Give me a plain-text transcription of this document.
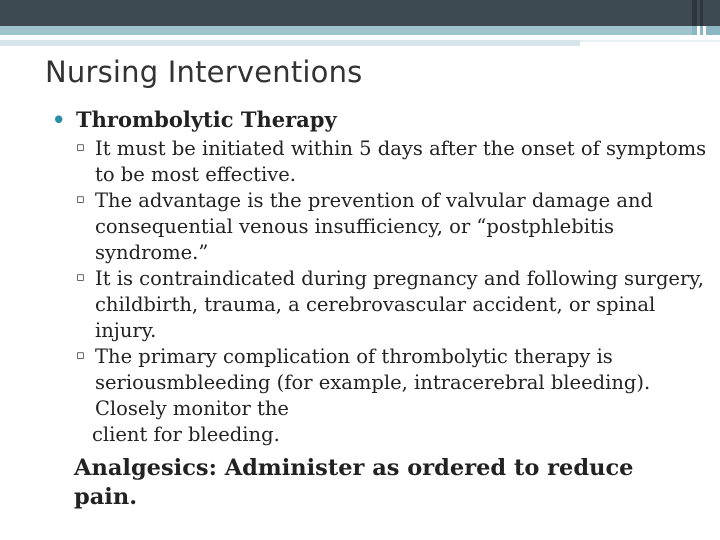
Nursing Interventions
• Thrombolytic Therapy
▫ It must be initiated within 5 days after the onset of symptoms to be most effective.
▫ The advantage is the prevention of valvular damage and consequential venous insufficiency, or “postphlebitis syndrome.”
▫ It is contraindicated during pregnancy and following surgery, childbirth, trauma, a cerebrovascular accident, or spinal injury.
▫ The primary complication of thrombolytic therapy is seriousmbleeding (for example, intracerebral bleeding). Closely monitor the
client for bleeding.
Analgesics: Administer as ordered to reduce pain.
